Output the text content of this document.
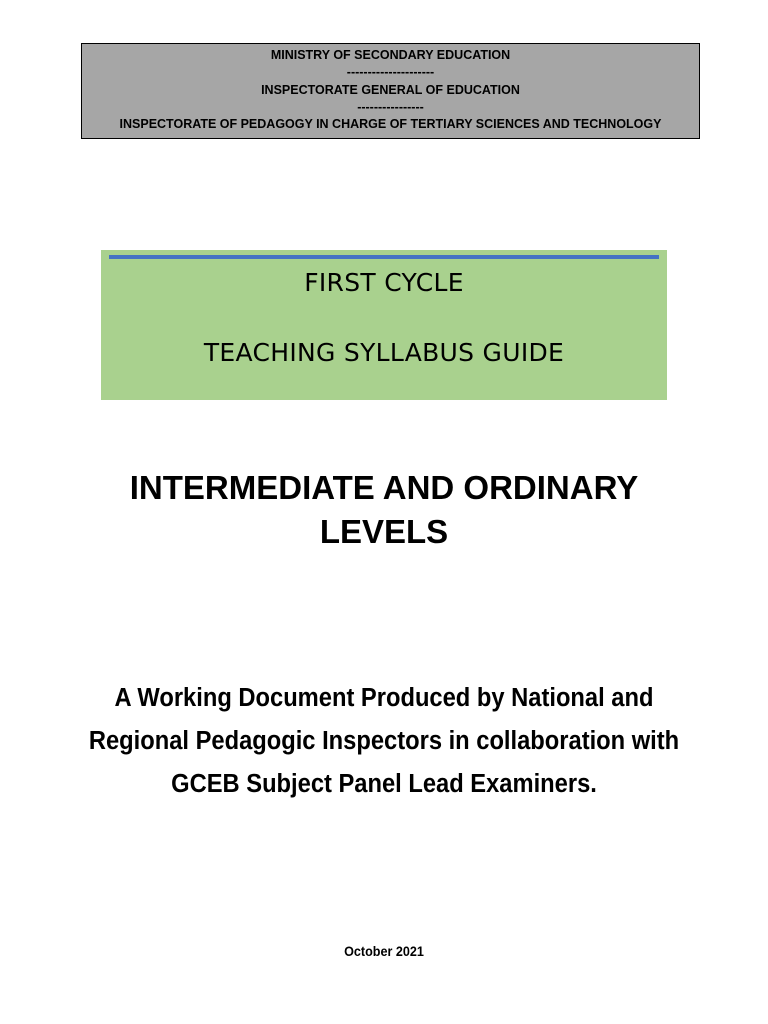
MINISTRY OF SECONDARY EDUCATION
---------------------
INSPECTORATE GENERAL OF EDUCATION
----------------
INSPECTORATE OF PEDAGOGY IN CHARGE OF TERTIARY SCIENCES AND TECHNOLOGY
FIRST CYCLE
TEACHING SYLLABUS GUIDE
INTERMEDIATE AND ORDINARY
LEVELS
A Working Document Produced by National and
Regional Pedagogic Inspectors in collaboration with
GCEB Subject Panel Lead Examiners.
October 2021
